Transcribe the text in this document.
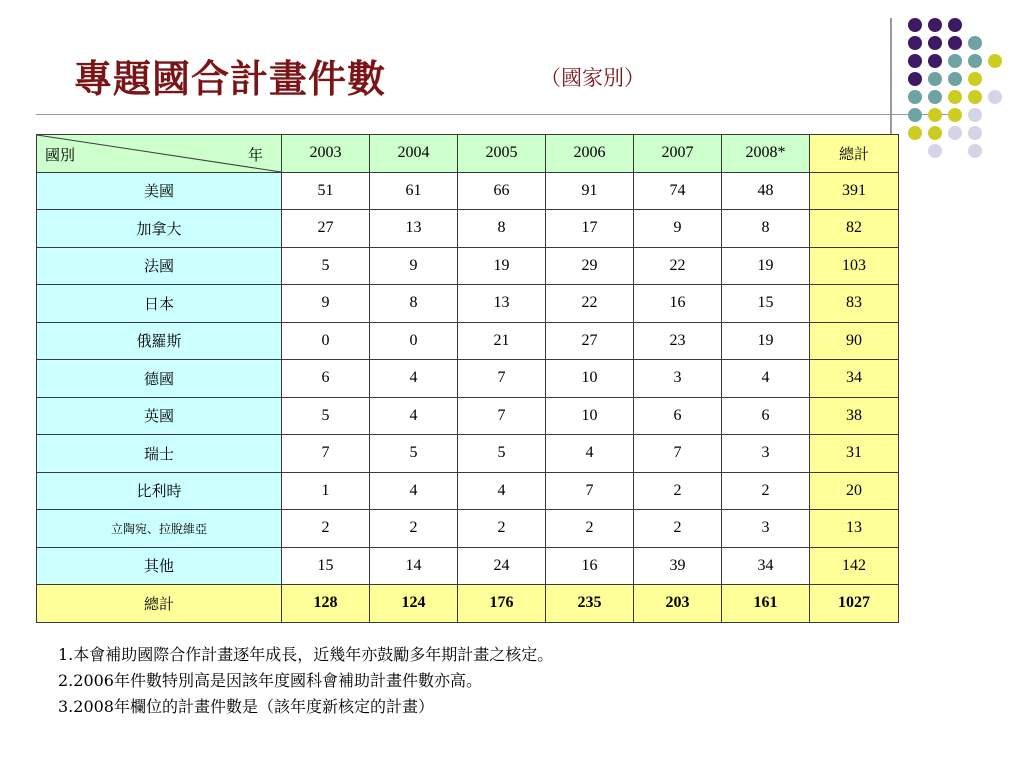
專題國合計畫件數	（國家別）
國別 年	2003	2004	2005	2006	2007	2008*	總計
美國	51	61	66	91	74	48	391
加拿大	27	13	8	17	9	8	82
法國	5	9	19	29	22	19	103
日本	9	8	13	22	16	15	83
俄羅斯	0	0	21	27	23	19	90
德國	6	4	7	10	3	4	34
英國	5	4	7	10	6	6	38
瑞士	7	5	5	4	7	3	31
比利時	1	4	4	7	2	2	20
立陶宛、拉脫維亞	2	2	2	2	2	3	13
其他	15	14	24	16	39	34	142
總計	128	124	176	235	203	161	1027
1.本會補助國際合作計畫逐年成長，近幾年亦鼓勵多年期計畫之核定。
2.2006年件數特別高是因該年度國科會補助計畫件數亦高。
3.2008年欄位的計畫件數是（該年度新核定的計畫）
